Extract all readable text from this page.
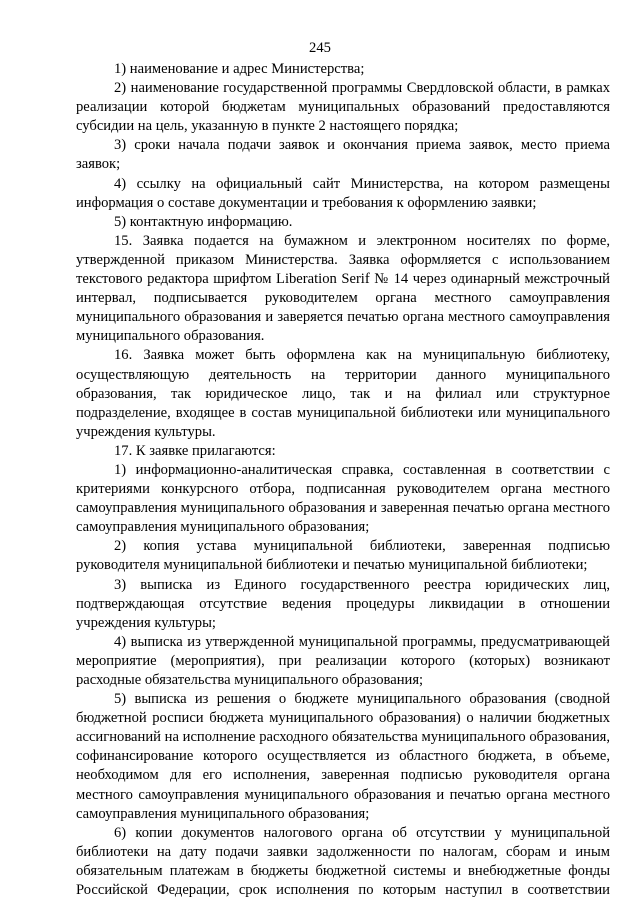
245

1) наименование и адрес Министерства;

2) наименование государственной программы Свердловской области, в рамках реализации которой бюджетам муниципальных образований предоставляются субсидии на цель, указанную в пункте 2 настоящего порядка;

3) сроки начала подачи заявок и окончания приема заявок, место приема заявок;

4) ссылку на официальный сайт Министерства, на котором размещены информация о составе документации и требования к оформлению заявки;

5) контактную информацию.

15. Заявка подается на бумажном и электронном носителях по форме, утвержденной приказом Министерства. Заявка оформляется с использованием текстового редактора шрифтом Liberation Serif № 14 через одинарный межстрочный интервал, подписывается руководителем органа местного самоуправления муниципального образования и заверяется печатью органа местного самоуправления муниципального образования.

16. Заявка может быть оформлена как на муниципальную библиотеку, осуществляющую деятельность на территории данного муниципального образования, так юридическое лицо, так и на филиал или структурное подразделение, входящее в состав муниципальной библиотеки или муниципального учреждения культуры.

17. К заявке прилагаются:

1) информационно-аналитическая справка, составленная в соответствии с критериями конкурсного отбора, подписанная руководителем органа местного самоуправления муниципального образования и заверенная печатью органа местного самоуправления муниципального образования;

2) копия устава муниципальной библиотеки, заверенная подписью руководителя муниципальной библиотеки и печатью муниципальной библиотеки;

3) выписка из Единого государственного реестра юридических лиц, подтверждающая отсутствие ведения процедуры ликвидации в отношении учреждения культуры;

4) выписка из утвержденной муниципальной программы, предусматривающей мероприятие (мероприятия), при реализации которого (которых) возникают расходные обязательства муниципального образования;

5) выписка из решения о бюджете муниципального образования (сводной бюджетной росписи бюджета муниципального образования) о наличии бюджетных ассигнований на исполнение расходного обязательства муниципального образования, софинансирование которого осуществляется из областного бюджета, в объеме, необходимом для его исполнения, заверенная подписью руководителя органа местного самоуправления муниципального образования и печатью органа местного самоуправления муниципального образования;

6) копии документов налогового органа об отсутствии у муниципальной библиотеки на дату подачи заявки задолженности по налогам, сборам и иным обязательным платежам в бюджеты бюджетной системы и внебюджетные фонды Российской Федерации, срок исполнения по которым наступил в соответствии
